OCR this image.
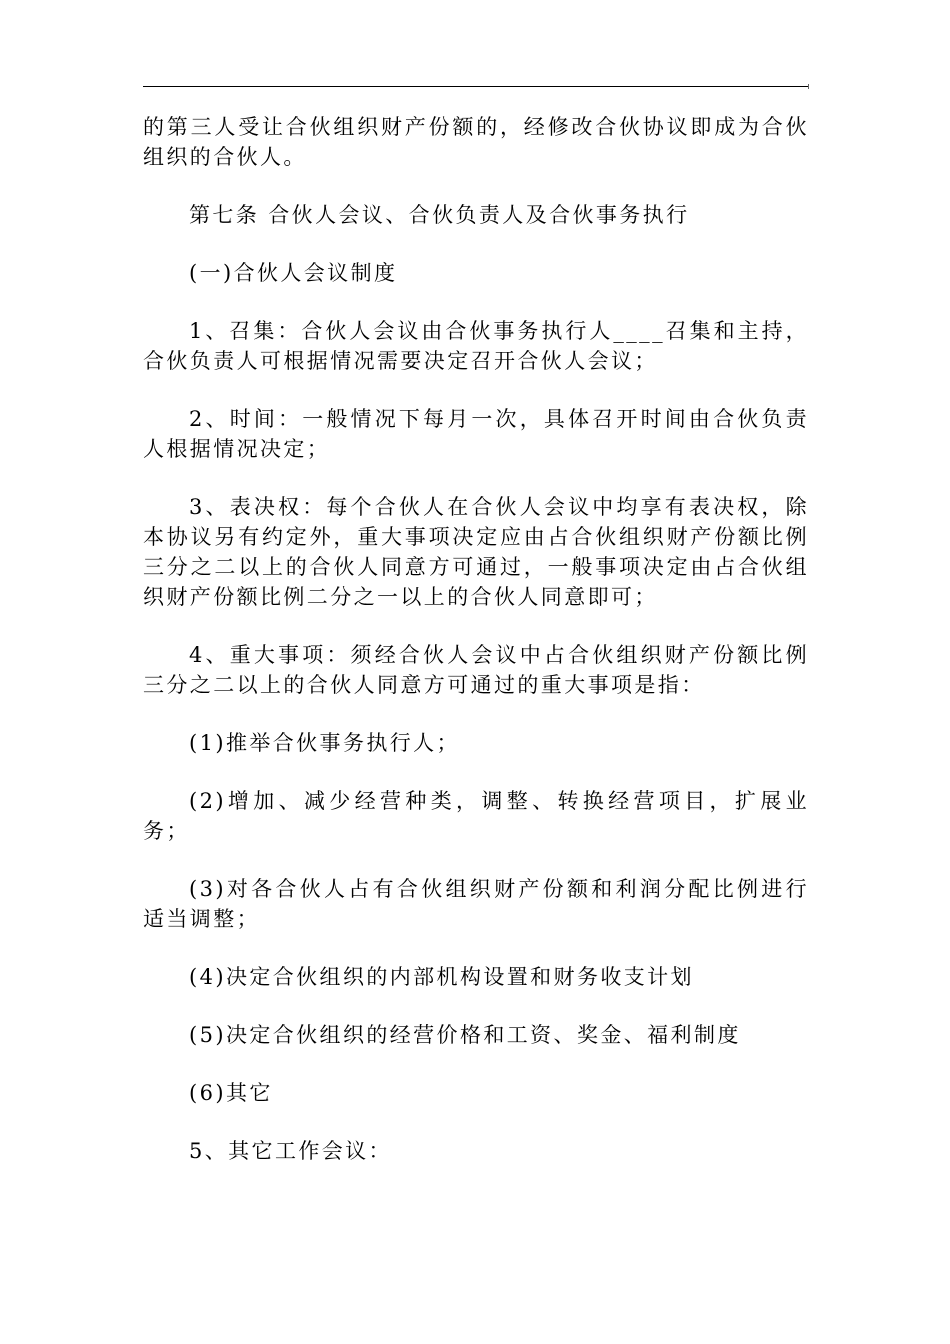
的第三人受让合伙组织财产份额的，经修改合伙协议即成为合伙组织的合伙人。

第七条 合伙人会议、合伙负责人及合伙事务执行

(一)合伙人会议制度

1、召集：合伙人会议由合伙事务执行人____召集和主持，合伙负责人可根据情况需要决定召开合伙人会议；

2、时间：一般情况下每月一次，具体召开时间由合伙负责人根据情况决定；

3、表决权：每个合伙人在合伙人会议中均享有表决权，除本协议另有约定外，重大事项决定应由占合伙组织财产份额比例三分之二以上的合伙人同意方可通过，一般事项决定由占合伙组织财产份额比例二分之一以上的合伙人同意即可；

4、重大事项：须经合伙人会议中占合伙组织财产份额比例三分之二以上的合伙人同意方可通过的重大事项是指：

(1)推举合伙事务执行人；

(2)增加、减少经营种类，调整、转换经营项目，扩展业务；

(3)对各合伙人占有合伙组织财产份额和利润分配比例进行适当调整；

(4)决定合伙组织的内部机构设置和财务收支计划

(5)决定合伙组织的经营价格和工资、奖金、福利制度

(6)其它

5、其它工作会议：
